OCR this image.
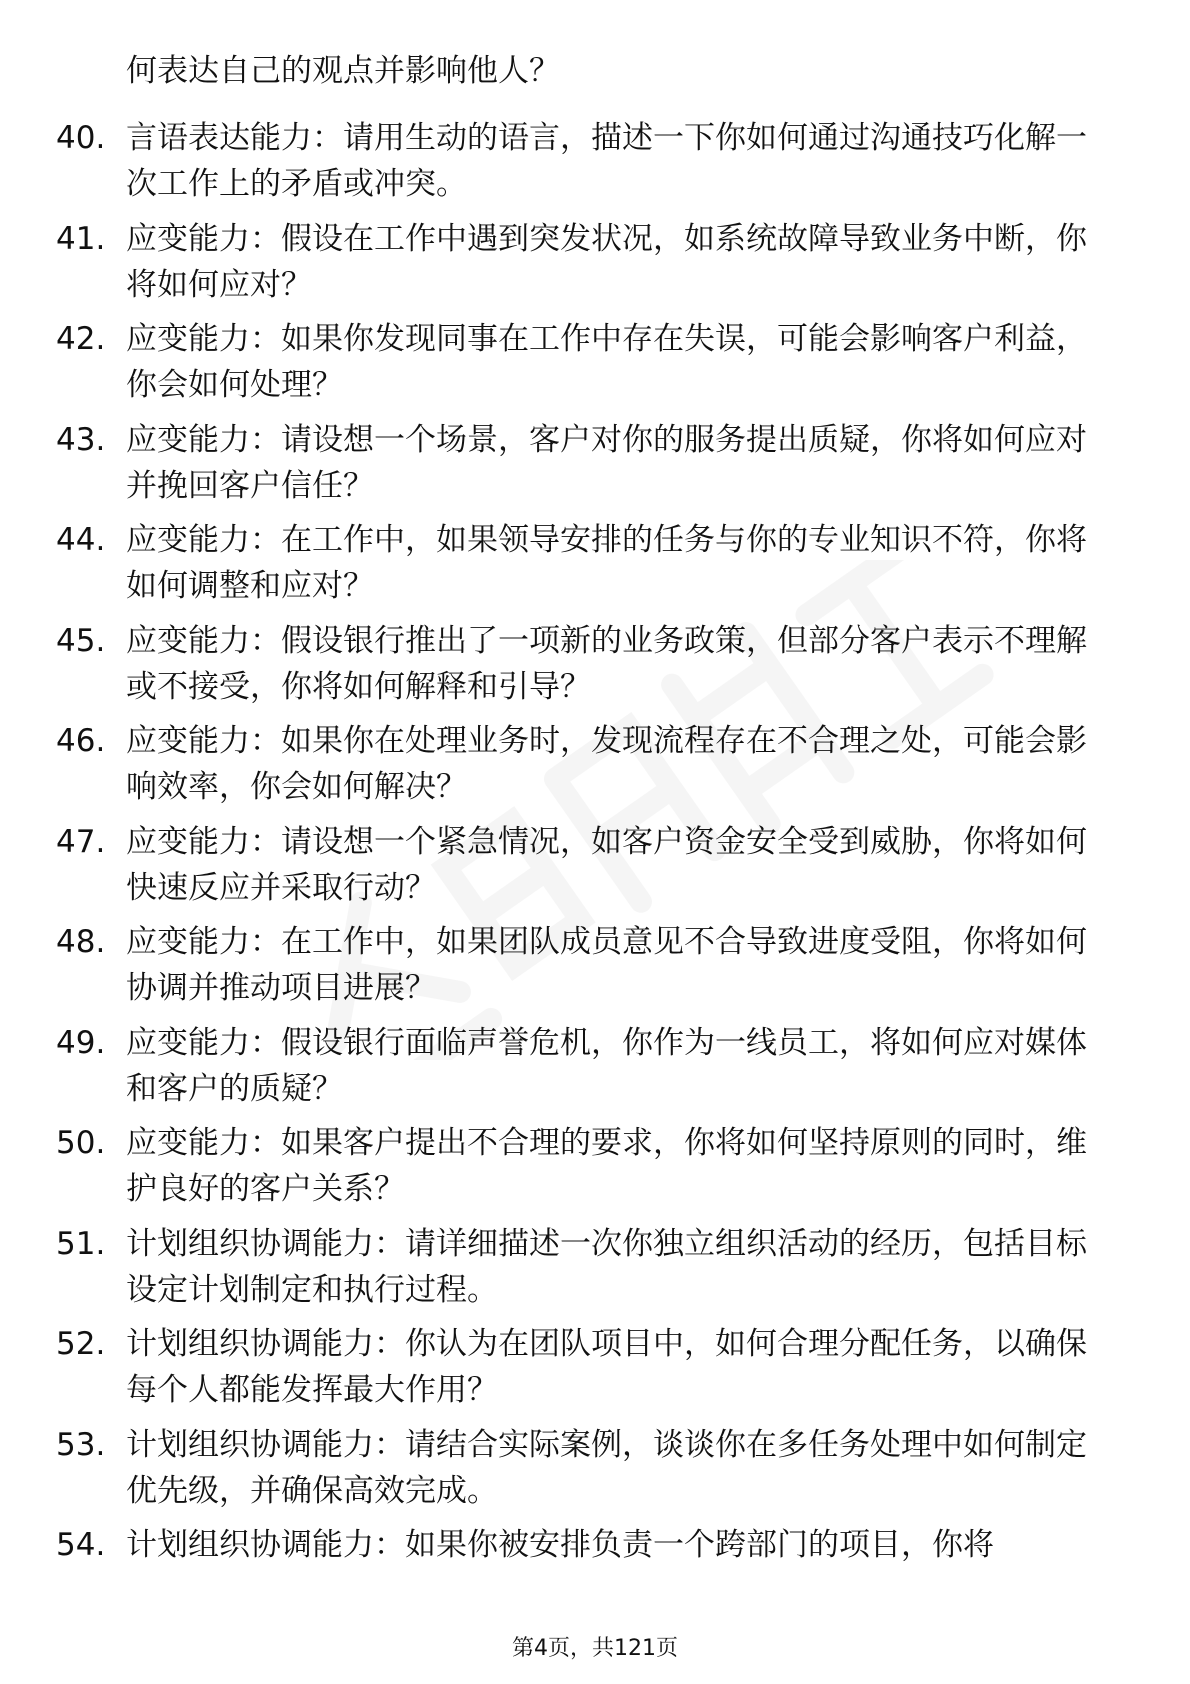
何表达自己的观点并影响他人？
40. 言语表达能力：请用生动的语言，描述一下你如何通过沟通技巧化解一次工作上的矛盾或冲突。
41. 应变能力：假设在工作中遇到突发状况，如系统故障导致业务中断，你将如何应对？
42. 应变能力：如果你发现同事在工作中存在失误，可能会影响客户利益，你会如何处理？
43. 应变能力：请设想一个场景，客户对你的服务提出质疑，你将如何应对并挽回客户信任？
44. 应变能力：在工作中，如果领导安排的任务与你的专业知识不符，你将如何调整和应对？
45. 应变能力：假设银行推出了一项新的业务政策，但部分客户表示不理解或不接受，你将如何解释和引导？
46. 应变能力：如果你在处理业务时，发现流程存在不合理之处，可能会影响效率，你会如何解决？
47. 应变能力：请设想一个紧急情况，如客户资金安全受到威胁，你将如何快速反应并采取行动？
48. 应变能力：在工作中，如果团队成员意见不合导致进度受阻，你将如何协调并推动项目进展？
49. 应变能力：假设银行面临声誉危机，你作为一线员工，将如何应对媒体和客户的质疑？
50. 应变能力：如果客户提出不合理的要求，你将如何坚持原则的同时，维护良好的客户关系？
51. 计划组织协调能力：请详细描述一次你独立组织活动的经历，包括目标设定计划制定和执行过程。
52. 计划组织协调能力：你认为在团队项目中，如何合理分配任务，以确保每个人都能发挥最大作用？
53. 计划组织协调能力：请结合实际案例，谈谈你在多任务处理中如何制定优先级，并确保高效完成。
54. 计划组织协调能力：如果你被安排负责一个跨部门的项目，你将
第4页，共121页
